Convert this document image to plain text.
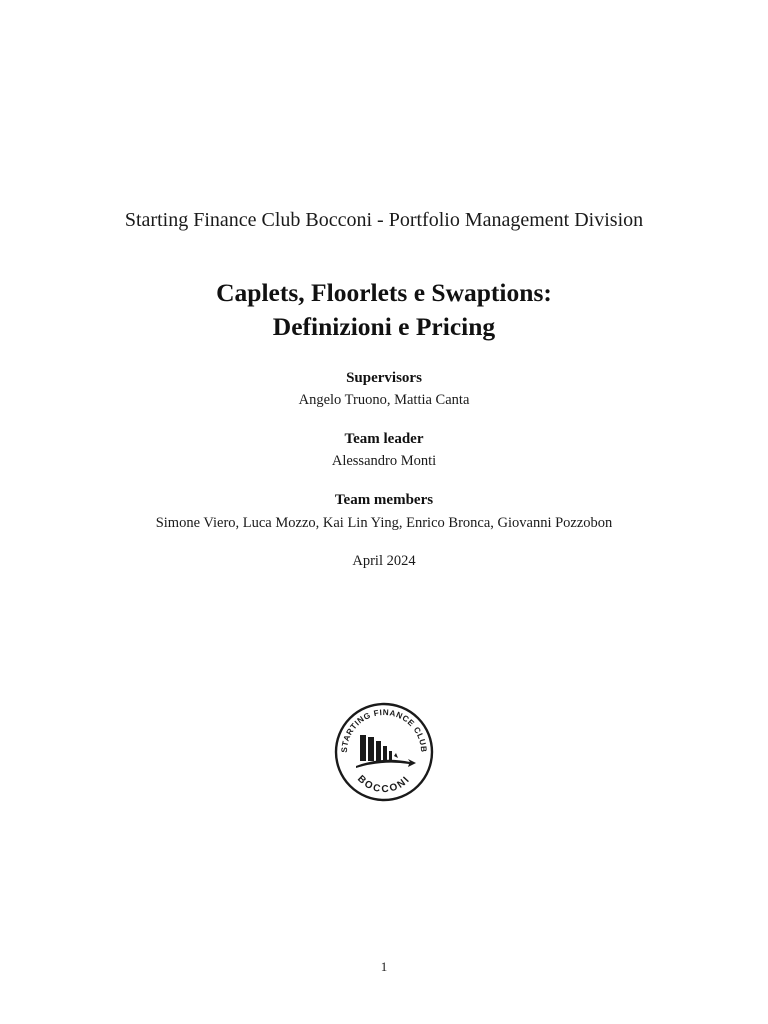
Starting Finance Club Bocconi - Portfolio Management Division
Caplets, Floorlets e Swaptions:
Definizioni e Pricing
Supervisors
Angelo Truono, Mattia Canta
Team leader
Alessandro Monti
Team members
Simone Viero, Luca Mozzo, Kai Lin Ying, Enrico Bronca, Giovanni Pozzobon
April 2024
STARTING FINANCE CLUB
BOCCONI
1
